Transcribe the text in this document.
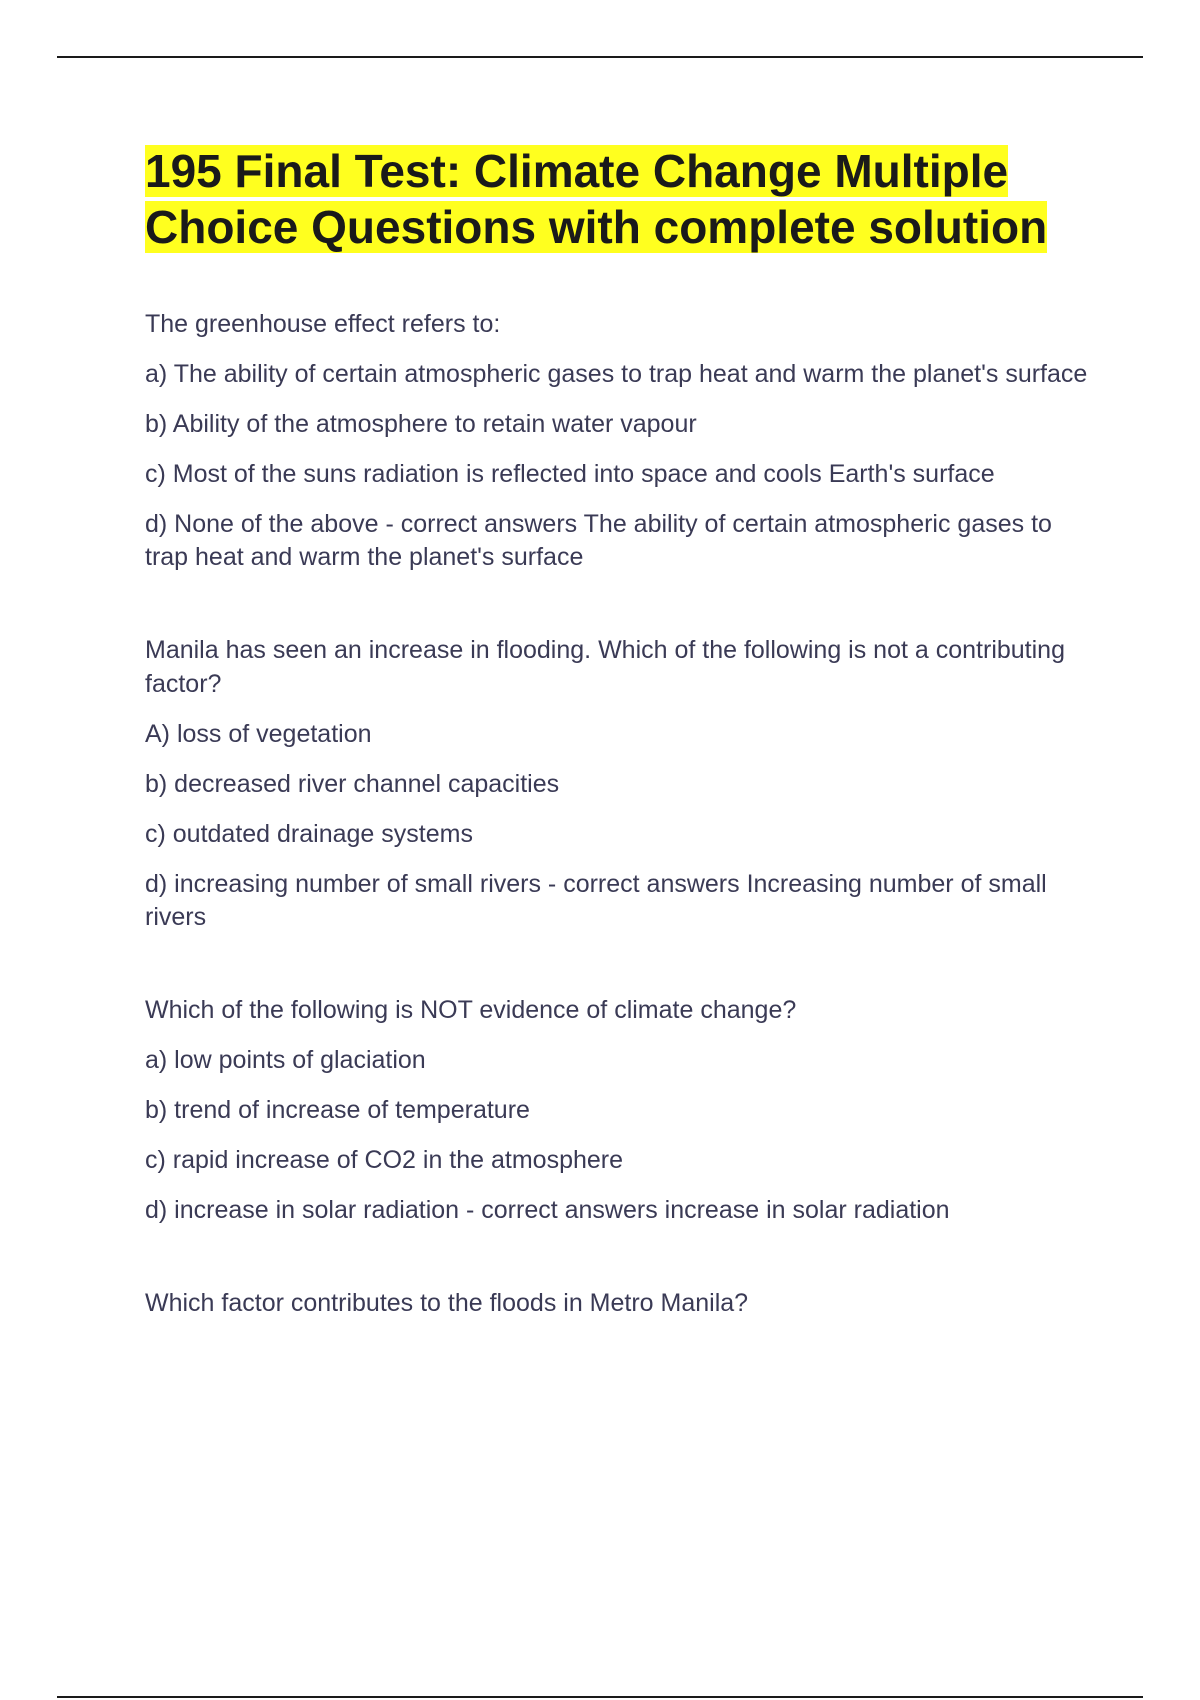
195 Final Test: Climate Change Multiple Choice Questions with complete solution

The greenhouse effect refers to:

a) The ability of certain atmospheric gases to trap heat and warm the planet's surface

b) Ability of the atmosphere to retain water vapour

c) Most of the suns radiation is reflected into space and cools Earth's surface

d) None of the above - correct answers The ability of certain atmospheric gases to trap heat and warm the planet's surface

Manila has seen an increase in flooding. Which of the following is not a contributing factor?

A) loss of vegetation

b) decreased river channel capacities

c) outdated drainage systems

d) increasing number of small rivers - correct answers Increasing number of small rivers

Which of the following is NOT evidence of climate change?

a) low points of glaciation

b) trend of increase of temperature

c) rapid increase of CO2 in the atmosphere

d) increase in solar radiation - correct answers increase in solar radiation

Which factor contributes to the floods in Metro Manila?
